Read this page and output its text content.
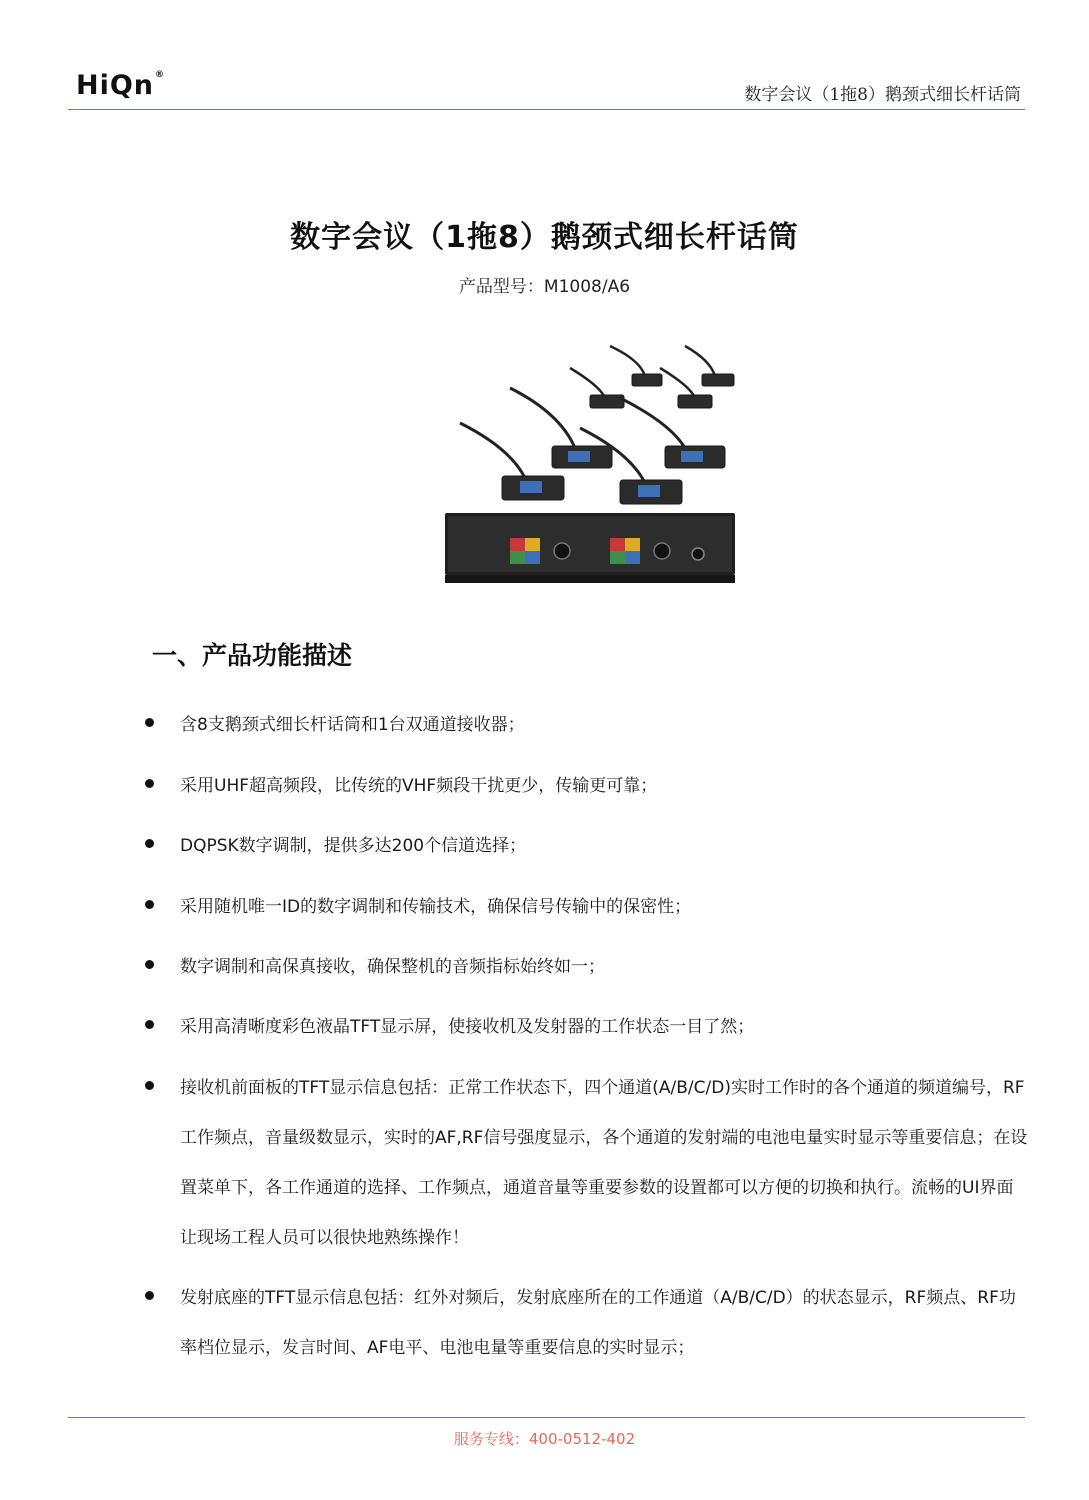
HiQn®
数字会议（1拖8）鹅颈式细长杆话筒
数字会议（1拖8）鹅颈式细长杆话筒
产品型号：M1008/A6
一、产品功能描述
含8支鹅颈式细长杆话筒和1台双通道接收器；
采用UHF超高频段，比传统的VHF频段干扰更少，传输更可靠；
DQPSK数字调制，提供多达200个信道选择；
采用随机唯一ID的数字调制和传输技术，确保信号传输中的保密性；
数字调制和高保真接收，确保整机的音频指标始终如一；
采用高清晰度彩色液晶TFT显示屏，使接收机及发射器的工作状态一目了然；
接收机前面板的TFT显示信息包括：正常工作状态下，四个通道(A/B/C/D)实时工作时的各个通道的频道编号，RF工作频点，音量级数显示，实时的AF,RF信号强度显示，各个通道的发射端的电池电量实时显示等重要信息；在设置菜单下，各工作通道的选择、工作频点，通道音量等重要参数的设置都可以方便的切换和执行。流畅的UI界面让现场工程人员可以很快地熟练操作！
发射底座的TFT显示信息包括：红外对频后，发射底座所在的工作通道（A/B/C/D）的状态显示，RF频点、RF功率档位显示，发言时间、AF电平、电池电量等重要信息的实时显示；
服务专线：400-0512-402
